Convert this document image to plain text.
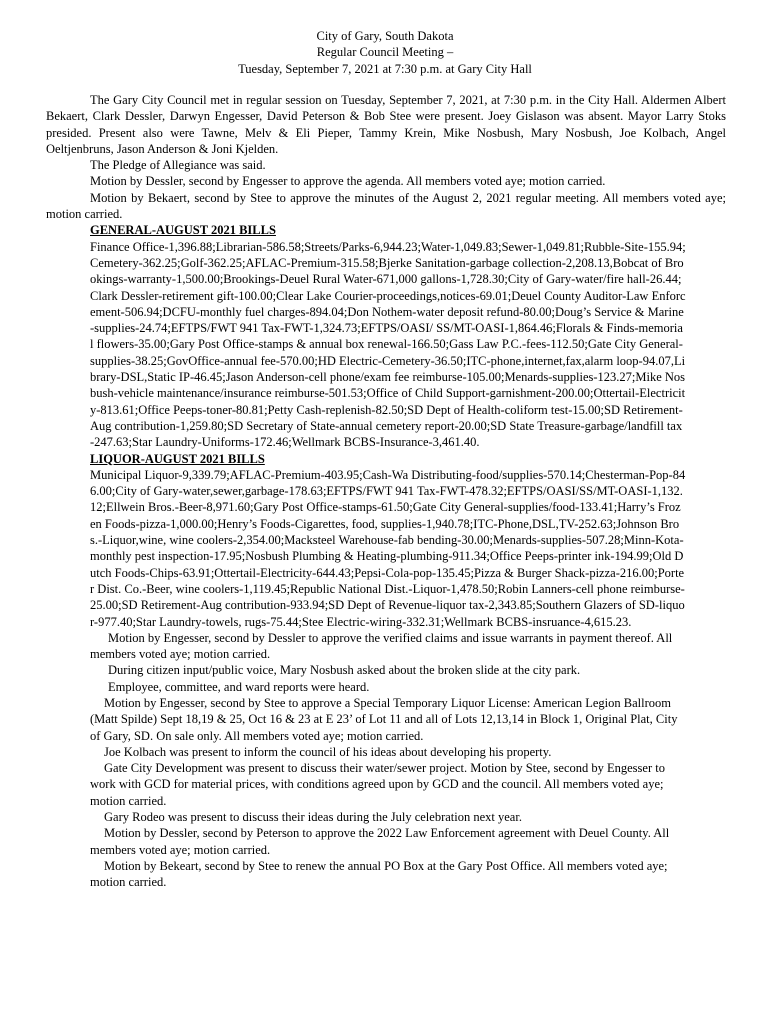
City of Gary, South Dakota
Regular Council Meeting –
Tuesday, September 7, 2021 at 7:30 p.m. at Gary City Hall

The Gary City Council met in regular session on Tuesday, September 7, 2021, at 7:30 p.m. in the City Hall. Aldermen Albert Bekaert, Clark Dessler, Darwyn Engesser, David Peterson & Bob Stee were present. Joey Gislason was absent. Mayor Larry Stoks presided. Present also were Tawne, Melv & Eli Pieper, Tammy Krein, Mike Nosbush, Mary Nosbush, Joe Kolbach, Angel Oeltjenbruns, Jason Anderson & Joni Kjelden.

The Pledge of Allegiance was said.

Motion by Dessler, second by Engesser to approve the agenda. All members voted aye; motion carried.

Motion by Bekaert, second by Stee to approve the minutes of the August 2, 2021 regular meeting. All members voted aye; motion carried.

GENERAL-AUGUST 2021 BILLS

Finance Office-1,396.88;Librarian-586.58;Streets/Parks-6,944.23;Water-1,049.83;Sewer-1,049.81;Rubble-Site-155.94;Cemetery-362.25;Golf-362.25;AFLAC-Premium-315.58;Bjerke Sanitation-garbage collection-2,208.13,Bobcat of Brookings-warranty-1,500.00;Brookings-Deuel Rural Water-671,000 gallons-1,728.30;City of Gary-water/fire hall-26.44;Clark Dessler-retirement gift-100.00;Clear Lake Courier-proceedings,notices-69.01;Deuel County Auditor-Law Enforcement-506.94;DCFU-monthly fuel charges-894.04;Don Nothem-water deposit refund-80.00;Doug’s Service & Marine-supplies-24.74;EFTPS/FWT 941 Tax-FWT-1,324.73;EFTPS/OASI/ SS/MT-OASI-1,864.46;Florals & Finds-memorial flowers-35.00;Gary Post Office-stamps & annual box renewal-166.50;Gass Law P.C.-fees-112.50;Gate City General-supplies-38.25;GovOffice-annual fee-570.00;HD Electric-Cemetery-36.50;ITC-phone,internet,fax,alarm loop-94.07,Library-DSL,Static IP-46.45;Jason Anderson-cell phone/exam fee reimburse-105.00;Menards-supplies-123.27;Mike Nosbush-vehicle maintenance/insurance reimburse-501.53;Office of Child Support-garnishment-200.00;Ottertail-Electricity-813.61;Office Peeps-toner-80.81;Petty Cash-replenish-82.50;SD Dept of Health-coliform test-15.00;SD Retirement-Aug contribution-1,259.80;SD Secretary of State-annual cemetery report-20.00;SD State Treasure-garbage/landfill tax-247.63;Star Laundry-Uniforms-172.46;Wellmark BCBS-Insurance-3,461.40.

LIQUOR-AUGUST 2021 BILLS

Municipal Liquor-9,339.79;AFLAC-Premium-403.95;Cash-Wa Distributing-food/supplies-570.14;Chesterman-Pop-846.00;City of Gary-water,sewer,garbage-178.63;EFTPS/FWT 941 Tax-FWT-478.32;EFTPS/OASI/SS/MT-OASI-1,132.12;Ellwein Bros.-Beer-8,971.60;Gary Post Office-stamps-61.50;Gate City General-supplies/food-133.41;Harry’s Frozen Foods-pizza-1,000.00;Henry’s Foods-Cigarettes, food, supplies-1,940.78;ITC-Phone,DSL,TV-252.63;Johnson Bros.-Liquor,wine, wine coolers-2,354.00;Macksteel Warehouse-fab bending-30.00;Menards-supplies-507.28;Minn-Kota-monthly pest inspection-17.95;Nosbush Plumbing & Heating-plumbing-911.34;Office Peeps-printer ink-194.99;Old Dutch Foods-Chips-63.91;Ottertail-Electricity-644.43;Pepsi-Cola-pop-135.45;Pizza & Burger Shack-pizza-216.00;Porter Dist. Co.-Beer, wine coolers-1,119.45;Republic National Dist.-Liquor-1,478.50;Robin Lanners-cell phone reimburse-25.00;SD Retirement-Aug contribution-933.94;SD Dept of Revenue-liquor tax-2,343.85;Southern Glazers of SD-liquor-977.40;Star Laundry-towels, rugs-75.44;Stee Electric-wiring-332.31;Wellmark BCBS-insruance-4,615.23.

Motion by Engesser, second by Dessler to approve the verified claims and issue warrants in payment thereof. All members voted aye; motion carried.

During citizen input/public voice, Mary Nosbush asked about the broken slide at the city park.

Employee, committee, and ward reports were heard.

Motion by Engesser, second by Stee to approve a Special Temporary Liquor License: American Legion Ballroom (Matt Spilde) Sept 18,19 & 25, Oct 16 & 23 at E 23’ of Lot 11 and all of Lots 12,13,14 in Block 1, Original Plat, City of Gary, SD. On sale only. All members voted aye; motion carried.

Joe Kolbach was present to inform the council of his ideas about developing his property.

Gate City Development was present to discuss their water/sewer project. Motion by Stee, second by Engesser to work with GCD for material prices, with conditions agreed upon by GCD and the council. All members voted aye; motion carried.

Gary Rodeo was present to discuss their ideas during the July celebration next year.

Motion by Dessler, second by Peterson to approve the 2022 Law Enforcement agreement with Deuel County. All members voted aye; motion carried.

Motion by Bekeart, second by Stee to renew the annual PO Box at the Gary Post Office. All members voted aye; motion carried.
